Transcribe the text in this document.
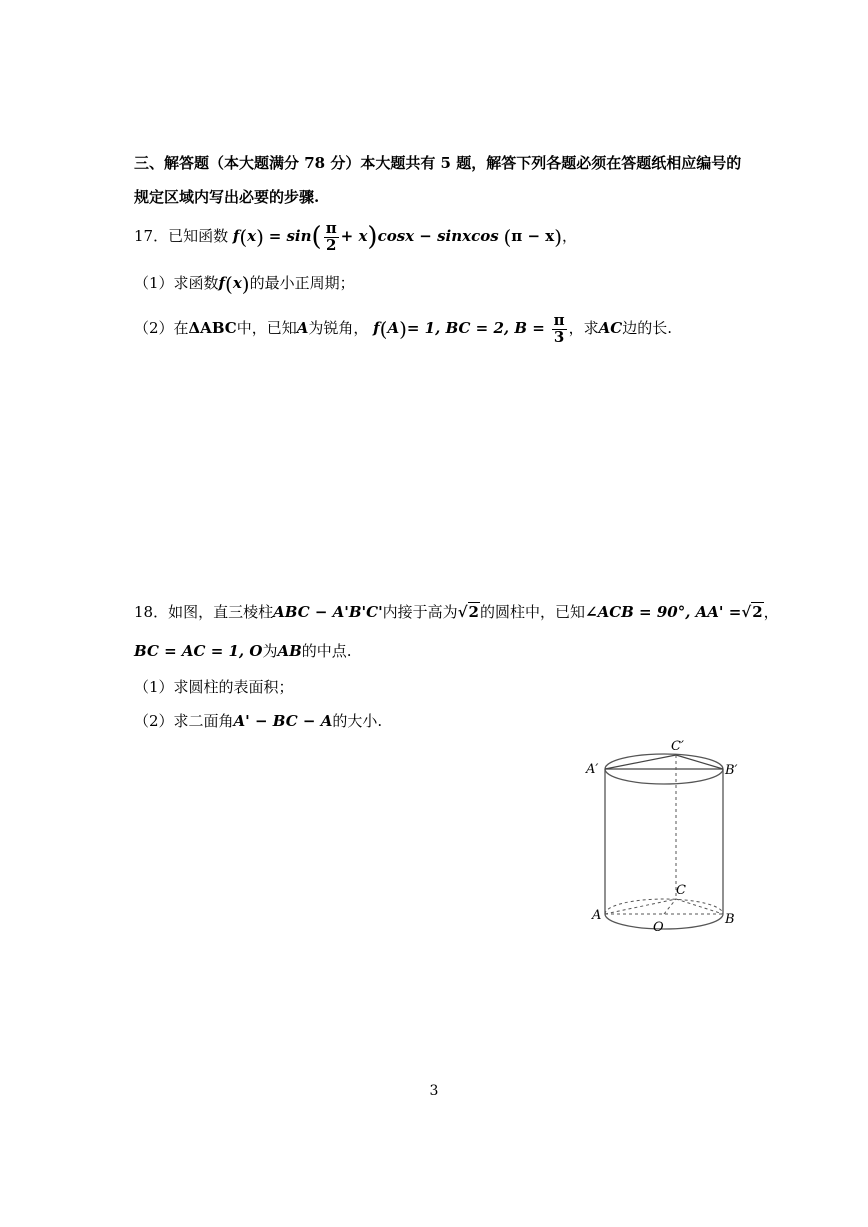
三、解答题（本大题满分 78 分）本大题共有 5 题，解答下列各题必须在答题纸相应编号的
规定区域内写出必要的步骤.
17．已知函数 $f(x) = \sin( \frac{\pi}{2} + x)\cos x$ − sinxcos (π − x)，
（1）求函数f(x)的最小正周期；
（2）在ΔABC中，已知A为锐角， f(A)= 1, BC = 2, $B = \frac{\pi}{3}$ ，求AC边的长.
18．如图，直三棱柱ABC − A'B'C'内接于高为√2的圆柱中，已知∠ACB = 90°, AA' =√2，
BC = AC = 1, O为AB的中点.
（1）求圆柱的表面积；
（2）求二面角A' − BC − A的大小.
A′	B′
C′
A	B
C
O
3
